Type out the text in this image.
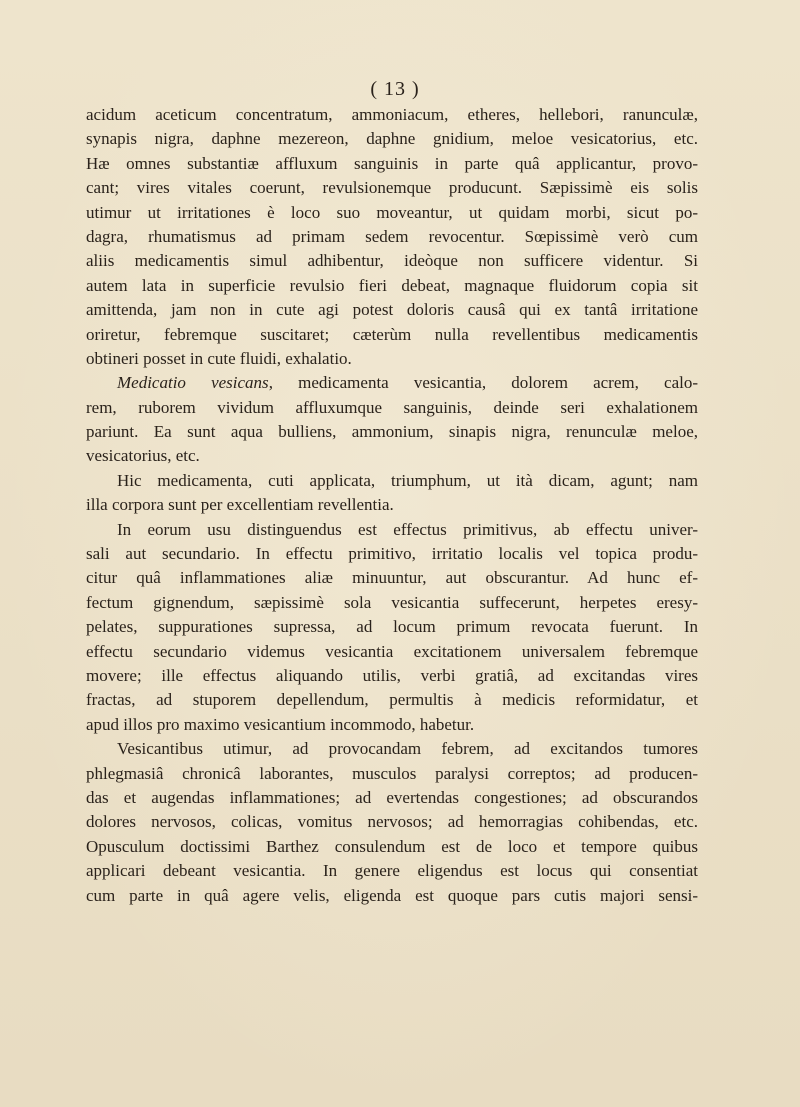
( 13 )
acidum aceticum concentratum, ammoniacum, etheres, hellebori, ranunculæ,
synapis nigra, daphne mezereon, daphne gnidium, meloe vesicatorius, etc.
Hæ omnes substantiæ affluxum sanguinis in parte quâ applicantur, provo-
cant; vires vitales coerunt, revulsionemque producunt. Sæpissimè eis solis
utimur ut irritationes è loco suo moveantur, ut quidam morbi, sicut po-
dagra, rhumatismus ad primam sedem revocentur. Sœpissimè verò cum
aliis medicamentis simul adhibentur, ideòque non sufficere videntur. Si
autem lata in superficie revulsio fieri debeat, magnaque fluidorum copia sit
amittenda, jam non in cute agi potest doloris causâ qui ex tantâ irritatione
oriretur, febremque suscitaret; cæterùm nulla revellentibus medicamentis
obtineri posset in cute fluidi, exhalatio.
Medicatio vesicans, medicamenta vesicantia, dolorem acrem, calo-
rem, ruborem vividum affluxumque sanguinis, deinde seri exhalationem
pariunt. Ea sunt aqua bulliens, ammonium, sinapis nigra, renunculæ meloe,
vesicatorius, etc.
Hic medicamenta, cuti applicata, triumphum, ut ità dicam, agunt; nam
illa corpora sunt per excellentiam revellentia.
In eorum usu distinguendus est effectus primitivus, ab effectu univer-
sali aut secundario. In effectu primitivo, irritatio localis vel topica produ-
citur quâ inflammationes aliæ minuuntur, aut obscurantur. Ad hunc ef-
fectum gignendum, sæpissimè sola vesicantia suffecerunt, herpetes eresy-
pelates, suppurationes supressa, ad locum primum revocata fuerunt. In
effectu secundario videmus vesicantia excitationem universalem febremque
movere; ille effectus aliquando utilis, verbi gratiâ, ad excitandas vires
fractas, ad stuporem depellendum, permultis à medicis reformidatur, et
apud illos pro maximo vesicantium incommodo, habetur.
Vesicantibus utimur, ad provocandam febrem, ad excitandos tumores
phlegmasiâ chronicâ laborantes, musculos paralysi correptos; ad producen-
das et augendas inflammationes; ad evertendas congestiones; ad obscurandos
dolores nervosos, colicas, vomitus nervosos; ad hemorragias cohibendas, etc.
Opusculum doctissimi Barthez consulendum est de loco et tempore quibus
applicari debeant vesicantia. In genere eligendus est locus qui consentiat
cum parte in quâ agere velis, eligenda est quoque pars cutis majori sensi-
